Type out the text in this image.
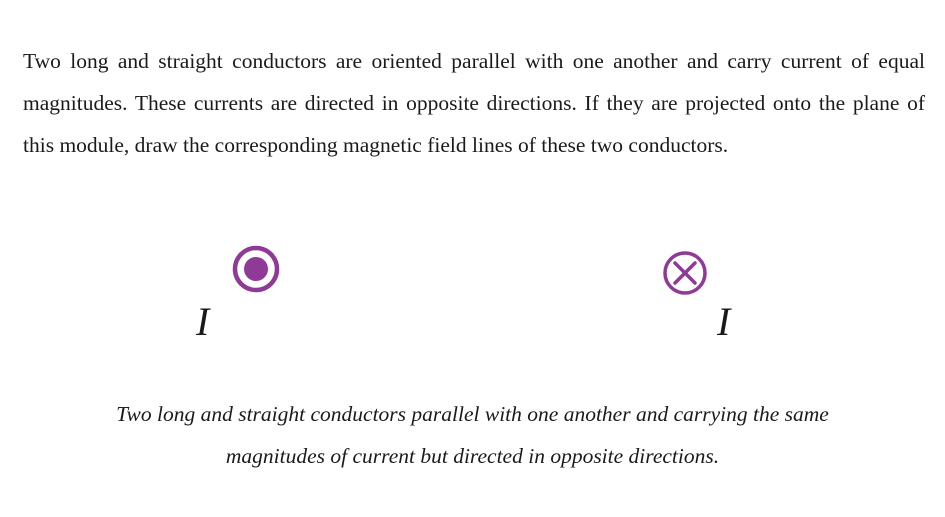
Two long and straight conductors are oriented parallel with one another and carry current of equal magnitudes. These currents are directed in opposite directions. If they are projected onto the plane of this module, draw the corresponding magnetic field lines of these two conductors.

I	I
Two long and straight conductors parallel with one another and carrying the same
magnitudes of current but directed in opposite directions.
